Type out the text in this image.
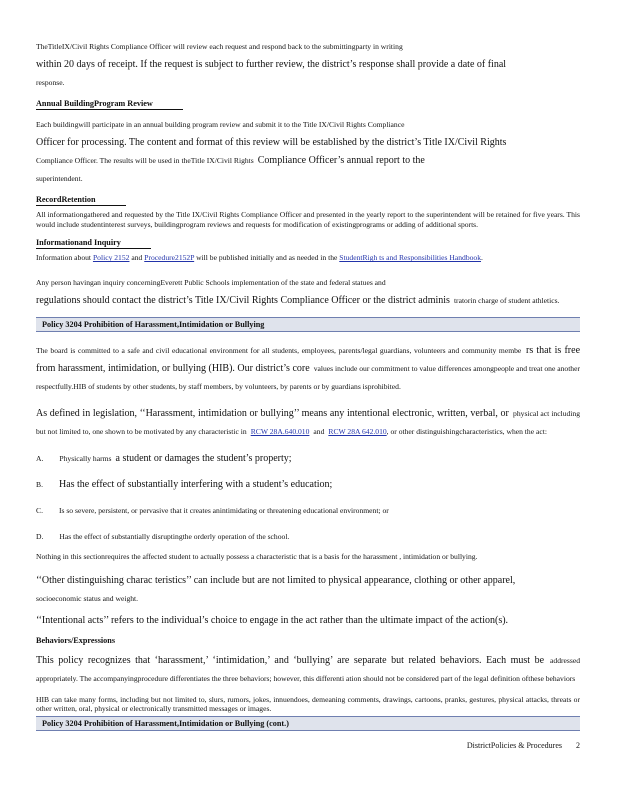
TheTitleIX/Civil Rights Compliance Officer will review each request and respond back to the submittingparty in writing
within 20 days of receipt. If the request is subject to further review, the district’s response shall provide a date of final
response.

Annual BuildingProgram Review

Each buildingwill participate in an annual building program review and submit it to the Title IX/Civil Rights Compliance
Officer for processing. The content and format of this review will be established by the district’s Title IX/Civil Rights
Compliance Officer. The results will be used in theTitle IX/Civil Rights Compliance Officer’s annual report to the
superintendent.

RecordRetention

All informationgathered and requested by the Title IX/Civil Rights Compliance Officer and presented in the yearly report to the superintendent will be retained for five years. This would include studentinterest surveys, buildingprogram reviews and requests for modification of existingprograms or adding of additional sports.

Informationand Inquiry

Information about Policy 2152 and Procedure2152P will be published initially and as needed in the StudentRigh ts and Responsibilities Handbook.

Any person havingan inquiry concerningEverett Public Schools implementation of the state and federal statues and
regulations should contact the district’s Title IX/Civil Rights Compliance Officer or the district adminis tratorin charge of student athletics.

Policy 3204 Prohibition of Harassment,Intimidation or Bullying

The board is committed to a safe and civil educational environment for all students, employees, parents/legal guardians, volunteers and community membe rs that is free from harassment, intimidation, or bullying (HIB). Our district’s core values include our commitment to value differences amongpeople and treat one another respectfully.HIB of students by other students, by staff members, by volunteers, by parents or by guardians isprohibited.

As defined in legislation, ‘‘Harassment, intimidation or bullying’’ means any intentional electronic, written, verbal, or physical act including but not limited to, one shown to be motivated by any characteristic in RCW 28A.640.010 and RCW 28A 642.010, or other distinguishingcharacteristics, when the act:

A. Physically harms a student or damages the student’s property;

B. Has the effect of substantially interfering with a student’s education;

C. Is so severe, persistent, or pervasive that it creates anintimidating or threatening educational environment; or

D. Has the effect of substantially disruptingthe orderly operation of the school.

Nothing in this sectionrequires the affected student to actually possess a characteristic that is a basis for the harassment , intimidation or bullying.

‘‘Other distinguishing charac teristics’’ can include but are not limited to physical appearance, clothing or other apparel,
socioeconomic status and weight.

‘‘Intentional acts’’ refers to the individual’s choice to engage in the act rather than the ultimate impact of the action(s).

Behaviors/Expressions

This policy recognizes that ‘harassment,’ ‘intimidation,’ and ‘bullying’ are separate but related behaviors. Each must be addressed appropriately. The accompanyingprocedure differentiates the three behaviors; however, this differenti ation should not be considered part of the legal definition ofthese behaviors

HIB can take many forms, including but not limited to, slurs, rumors, jokes, innuendoes, demeaning comments, drawings, cartoons, pranks, gestures, physical attacks, threats or other written, oral, physical or electronically transmitted messages or images.

Policy 3204 Prohibition of Harassment,Intimidation or Bullying (cont.)
DistrictPolicies & Procedures 2
